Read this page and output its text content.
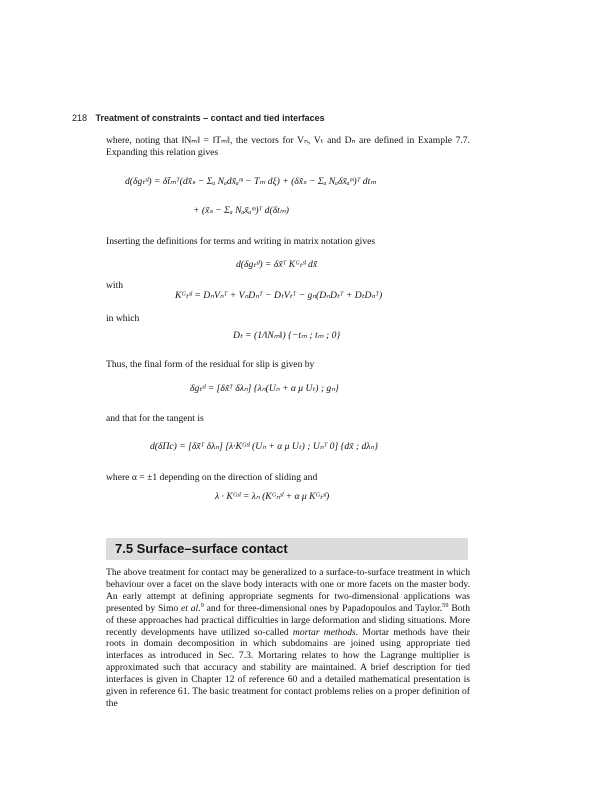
218 Treatment of constraints – contact and tied interfaces
where, noting that ‖Nₘ‖ = ‖Tₘ‖, the vectors for Vₙ, Vₜ and Dₙ are defined in Example 7.7. Expanding this relation gives
d(δgₜˢˡ) = δt̃ₘᵀ(dx̃ₛ − Σₐ Nₐdx̃ₐᵐ − Tₘ dξ) + (δx̃ₛ − Σₐ Nₐδx̃ₐᵐ)ᵀ dtₘ
+ (x̃ₛ − Σₐ Nₐx̃ₐᵐ)ᵀ d(δtₘ)
Inserting the definitions for terms and writing in matrix notation gives
d(δgₜˢˡ) = δx̃ᵀ Kᴳₜˢˡ dx̃
with
Kᴳₜˢˡ = DₙVₙᵀ + VₙDₙᵀ − DₜVₜᵀ − gₙ(DₙDₜᵀ + DₜDₙᵀ)
in which
Dₜ = (1/‖Nₘ‖) {−tₘ ; tₘ ; 0}
Thus, the final form of the residual for slip is given by
δgₜˢˡ = [δx̃ᵀ δλₙ] {λₙ(Uₙ + α μ Uₜ) ; gₙ}
and that for the tangent is
d(δΠc) = [δx̃ᵀ δλₙ] [λ·Kᴳˢˡ (Uₙ + α μ Uₜ) ; Uₙᵀ 0] {dx̃ ; dλₙ}
where α = ±1 depending on the direction of sliding and
λ · Kᴳˢˡ = λₙ (Kᴳₙˢˡ + α μ Kᴳₜˢˡ)
7.5 Surface–surface contact
The above treatment for contact may be generalized to a surface-to-surface treatment in which behaviour over a facet on the slave body interacts with one or more facets on the master body. An early attempt at defining appropriate segments for two-dimensional applications was presented by Simo et al.$^9$ and for three-dimensional ones by Papadopoulos and Taylor.$^{59}$ Both of these approaches had practical difficulties in large deformation and sliding situations. More recently developments have utilized so-called mortar methods. Mortar methods have their roots in domain decomposition in which subdomains are joined using appropriate tied interfaces as introduced in Sec. 7.3. Mortaring relates to how the Lagrange multiplier is approximated such that accuracy and stability are maintained. A brief description for tied interfaces is given in Chapter 12 of reference 60 and a detailed mathematical presentation is given in reference 61. The basic treatment for contact problems relies on a proper definition of the
